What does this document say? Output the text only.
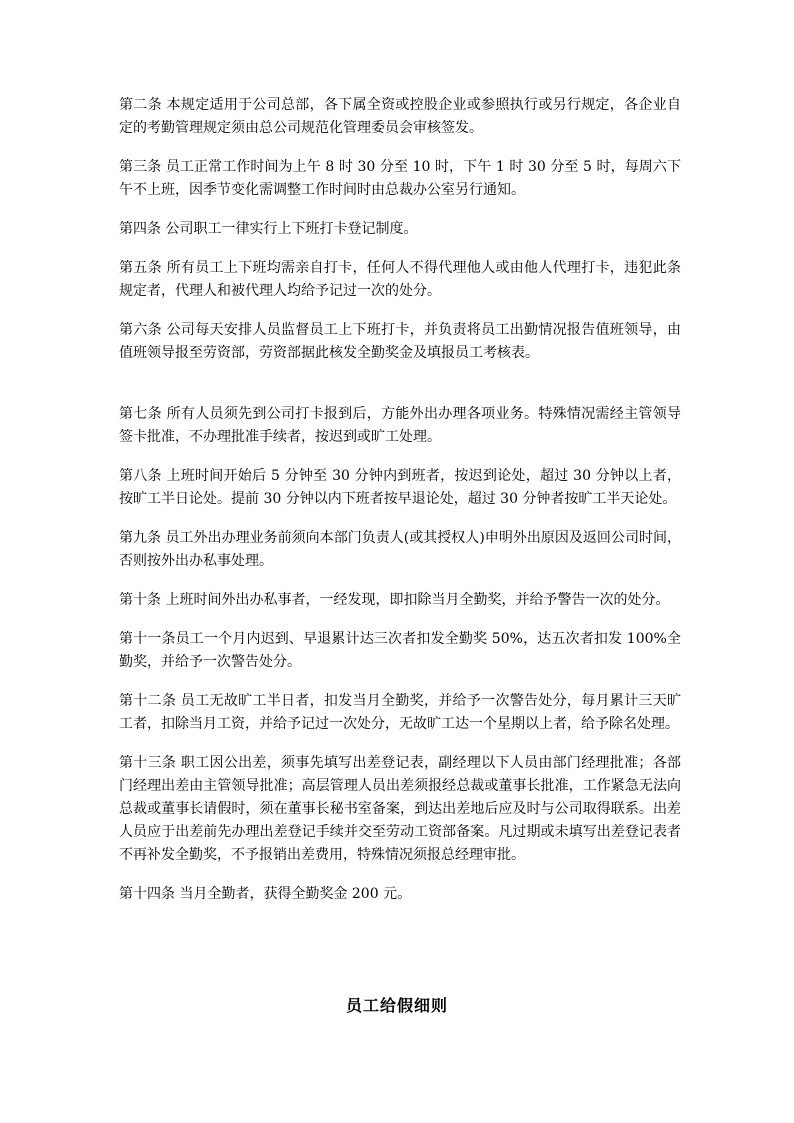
第二条 本规定适用于公司总部，各下属全资或控股企业或参照执行或另行规定，各企业自定的考勤管理规定须由总公司规范化管理委员会审核签发。

第三条 员工正常工作时间为上午 8 时 30 分至 10 时，下午 1 时 30 分至 5 时，每周六下午不上班，因季节变化需调整工作时间时由总裁办公室另行通知。

第四条 公司职工一律实行上下班打卡登记制度。

第五条 所有员工上下班均需亲自打卡，任何人不得代理他人或由他人代理打卡，违犯此条规定者，代理人和被代理人均给予记过一次的处分。

第六条 公司每天安排人员监督员工上下班打卡，并负责将员工出勤情况报告值班领导，由值班领导报至劳资部，劳资部据此核发全勤奖金及填报员工考核表。

第七条 所有人员须先到公司打卡报到后，方能外出办理各项业务。特殊情况需经主管领导签卡批准，不办理批准手续者，按迟到或旷工处理。

第八条 上班时间开始后 5 分钟至 30 分钟内到班者，按迟到论处，超过 30 分钟以上者，按旷工半日论处。提前 30 分钟以内下班者按早退论处，超过 30 分钟者按旷工半天论处。

第九条 员工外出办理业务前须向本部门负责人(或其授权人)申明外出原因及返回公司时间，否则按外出办私事处理。

第十条 上班时间外出办私事者，一经发现，即扣除当月全勤奖，并给予警告一次的处分。

第十一条员工一个月内迟到、早退累计达三次者扣发全勤奖 50%，达五次者扣发 100%全勤奖，并给予一次警告处分。

第十二条 员工无故旷工半日者，扣发当月全勤奖，并给予一次警告处分，每月累计三天旷工者，扣除当月工资，并给予记过一次处分，无故旷工达一个星期以上者，给予除名处理。

第十三条 职工因公出差，须事先填写出差登记表，副经理以下人员由部门经理批准；各部门经理出差由主管领导批准；高层管理人员出差须报经总裁或董事长批准，工作紧急无法向总裁或董事长请假时，须在董事长秘书室备案，到达出差地后应及时与公司取得联系。出差人员应于出差前先办理出差登记手续并交至劳动工资部备案。凡过期或未填写出差登记表者不再补发全勤奖，不予报销出差费用，特殊情况须报总经理审批。

第十四条 当月全勤者，获得全勤奖金 200 元。

员工给假细则
